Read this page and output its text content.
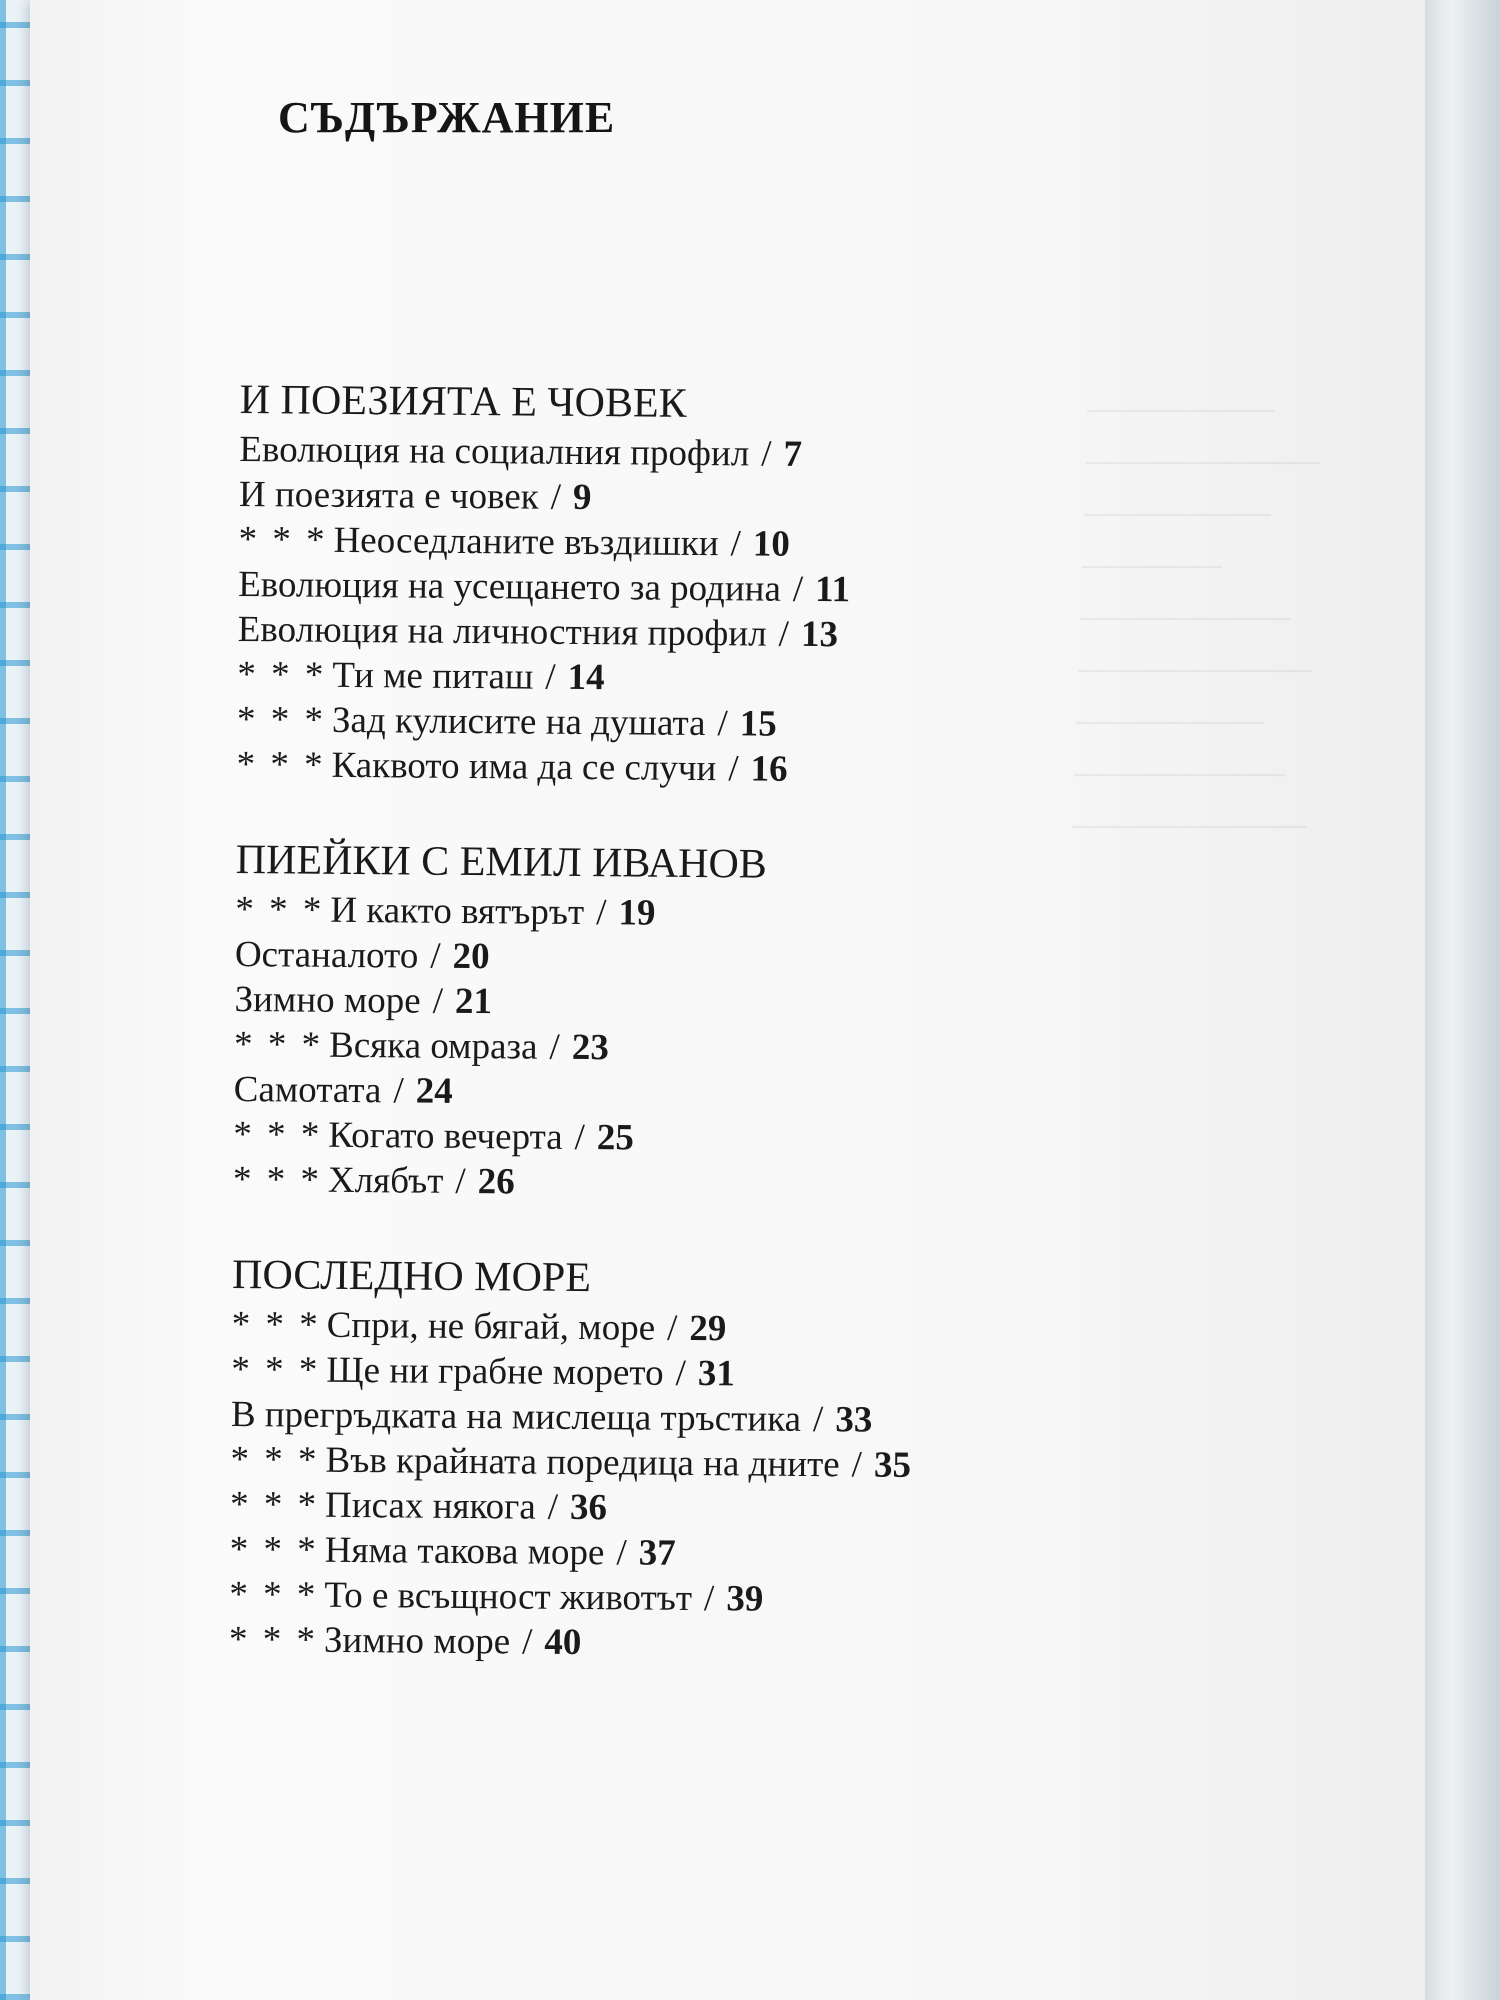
────────
──────────
────────
──────
─────────
──────────
────────
─────────
──────────
СЪДЪРЖАНИЕ
И ПОЕЗИЯТА Е ЧОВЕК
Еволюция на социалния профил / 7
И поезията е човек / 9
* * * Неоседланите въздишки / 10
Еволюция на усещането за родина / 11
Еволюция на личностния профил / 13
* * * Ти ме питаш / 14
* * * Зад кулисите на душата / 15
* * * Каквото има да се случи / 16
ПИЕЙКИ С ЕМИЛ ИВАНОВ
* * * И както вятърът / 19
Останалото / 20
Зимно море / 21
* * * Всяка омраза / 23
Самотата / 24
* * * Когато вечерта / 25
* * * Хлябът / 26
ПОСЛЕДНО МОРЕ
* * * Спри, не бягай, море / 29
* * * Ще ни грабне морето / 31
В прегръдката на мислеща тръстика / 33
* * * Във крайната поредица на дните / 35
* * * Писах някога / 36
* * * Няма такова море / 37
* * * То е всъщност животът / 39
* * * Зимно море / 40
